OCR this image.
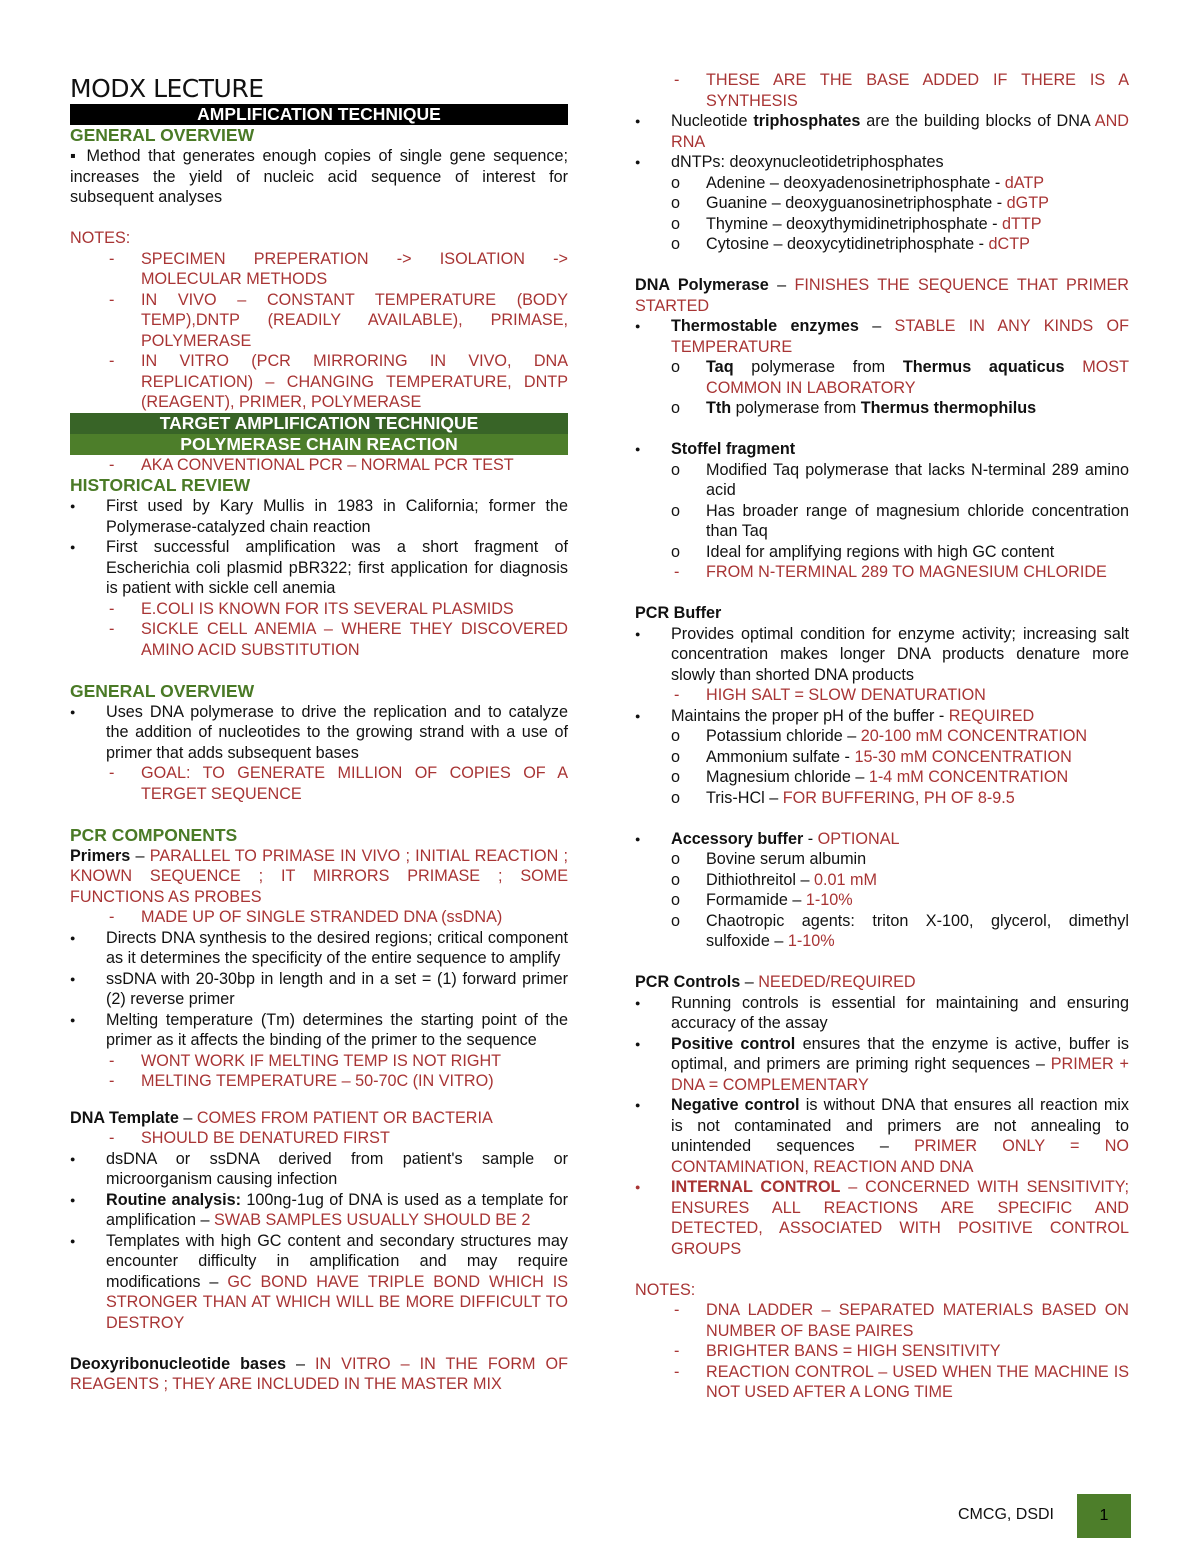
MODX LECTURE
AMPLIFICATION TECHNIQUE
GENERAL OVERVIEW
▪ Method that generates enough copies of single gene sequence; increases the yield of nucleic acid sequence of interest for subsequent analyses
NOTES:
- SPECIMEN PREPERATION -> ISOLATION -> MOLECULAR METHODS
- IN VIVO – CONSTANT TEMPERATURE (BODY TEMP),DNTP (READILY AVAILABLE), PRIMASE, POLYMERASE
- IN VITRO (PCR MIRRORING IN VIVO, DNA REPLICATION) – CHANGING TEMPERATURE, DNTP (REAGENT), PRIMER, POLYMERASE
TARGET AMPLIFICATION TECHNIQUE
POLYMERASE CHAIN REACTION
- AKA CONVENTIONAL PCR – NORMAL PCR TEST
HISTORICAL REVIEW
● First used by Kary Mullis in 1983 in California; former the Polymerase-catalyzed chain reaction
● First successful amplification was a short fragment of Escherichia coli plasmid pBR322; first application for diagnosis is patient with sickle cell anemia
- E.COLI IS KNOWN FOR ITS SEVERAL PLASMIDS
- SICKLE CELL ANEMIA – WHERE THEY DISCOVERED AMINO ACID SUBSTITUTION
GENERAL OVERVIEW
● Uses DNA polymerase to drive the replication and to catalyze the addition of nucleotides to the growing strand with a use of primer that adds subsequent bases
- GOAL: TO GENERATE MILLION OF COPIES OF A TERGET SEQUENCE
PCR COMPONENTS
Primers – PARALLEL TO PRIMASE IN VIVO ; INITIAL REACTION ; KNOWN SEQUENCE ; IT MIRRORS PRIMASE ; SOME FUNCTIONS AS PROBES
- MADE UP OF SINGLE STRANDED DNA (ssDNA)
● Directs DNA synthesis to the desired regions; critical component as it determines the specificity of the entire sequence to amplify
● ssDNA with 20-30bp in length and in a set = (1) forward primer (2) reverse primer
● Melting temperature (Tm) determines the starting point of the primer as it affects the binding of the primer to the sequence
- WONT WORK IF MELTING TEMP IS NOT RIGHT
- MELTING TEMPERATURE – 50-70C (IN VITRO)
DNA Template – COMES FROM PATIENT OR BACTERIA
- SHOULD BE DENATURED FIRST
● dsDNA or ssDNA derived from patient's sample or microorganism causing infection
● Routine analysis: 100ng-1ug of DNA is used as a template for amplification – SWAB SAMPLES USUALLY SHOULD BE 2
● Templates with high GC content and secondary structures may encounter difficulty in amplification and may require modifications – GC BOND HAVE TRIPLE BOND WHICH IS STRONGER THAN AT WHICH WILL BE MORE DIFFICULT TO DESTROY
Deoxyribonucleotide bases – IN VITRO – IN THE FORM OF REAGENTS ; THEY ARE INCLUDED IN THE MASTER MIX
- THESE ARE THE BASE ADDED IF THERE IS A SYNTHESIS
● Nucleotide triphosphates are the building blocks of DNA AND RNA
● dNTPs: deoxynucleotidetriphosphates
o Adenine – deoxyadenosinetriphosphate - dATP
o Guanine – deoxyguanosinetriphosphate - dGTP
o Thymine – deoxythymidinetriphosphate - dTTP
o Cytosine – deoxycytidinetriphosphate - dCTP
DNA Polymerase – FINISHES THE SEQUENCE THAT PRIMER STARTED
● Thermostable enzymes – STABLE IN ANY KINDS OF TEMPERATURE
o Taq polymerase from Thermus aquaticus MOST COMMON IN LABORATORY
o Tth polymerase from Thermus thermophilus
● Stoffel fragment
o Modified Taq polymerase that lacks N-terminal 289 amino acid
o Has broader range of magnesium chloride concentration than Taq
o Ideal for amplifying regions with high GC content
- FROM N-TERMINAL 289 TO MAGNESIUM CHLORIDE
PCR Buffer
● Provides optimal condition for enzyme activity; increasing salt concentration makes longer DNA products denature more slowly than shorted DNA products
- HIGH SALT = SLOW DENATURATION
● Maintains the proper pH of the buffer - REQUIRED
o Potassium chloride – 20-100 mM CONCENTRATION
o Ammonium sulfate - 15-30 mM CONCENTRATION
o Magnesium chloride – 1-4 mM CONCENTRATION
o Tris-HCl – FOR BUFFERING, PH OF 8-9.5
● Accessory buffer - OPTIONAL
o Bovine serum albumin
o Dithiothreitol – 0.01 mM
o Formamide – 1-10%
o Chaotropic agents: triton X-100, glycerol, dimethyl sulfoxide – 1-10%
PCR Controls – NEEDED/REQUIRED
● Running controls is essential for maintaining and ensuring accuracy of the assay
● Positive control ensures that the enzyme is active, buffer is optimal, and primers are priming right sequences – PRIMER + DNA = COMPLEMENTARY
● Negative control is without DNA that ensures all reaction mix is not contaminated and primers are not annealing to unintended sequences – PRIMER ONLY = NO CONTAMINATION, REACTION AND DNA
● INTERNAL CONTROL – CONCERNED WITH SENSITIVITY; ENSURES ALL REACTIONS ARE SPECIFIC AND DETECTED, ASSOCIATED WITH POSITIVE CONTROL GROUPS
NOTES:
- DNA LADDER – SEPARATED MATERIALS BASED ON NUMBER OF BASE PAIRES
- BRIGHTER BANS = HIGH SENSITIVITY
- REACTION CONTROL – USED WHEN THE MACHINE IS NOT USED AFTER A LONG TIME
CMCG, DSDI	1
